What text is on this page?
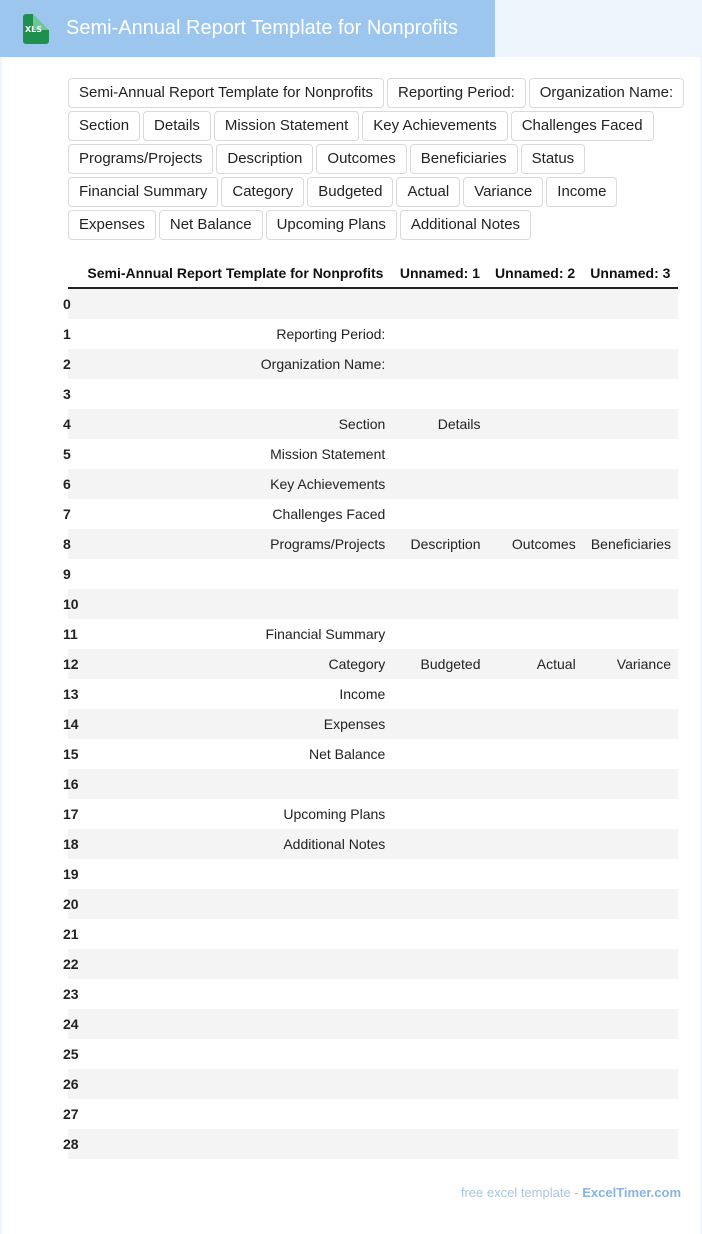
XLS Semi-Annual Report Template for Nonprofits
Semi-Annual Report Template for Nonprofits	Reporting Period:	Organization Name:
Section	Details	Mission Statement	Key Achievements	Challenges Faced
Programs/Projects	Description	Outcomes	Beneficiaries	Status
Financial Summary	Category	Budgeted	Actual	Variance	Income
Expenses	Net Balance	Upcoming Plans	Additional Notes
	Semi-Annual Report Template for Nonprofits	Unnamed: 1	Unnamed: 2	Unnamed: 3
0				
1	Reporting Period:			
2	Organization Name:			
3				
4	Section	Details		
5	Mission Statement			
6	Key Achievements			
7	Challenges Faced			
8	Programs/Projects	Description	Outcomes	Beneficiaries
9				
10				
11	Financial Summary			
12	Category	Budgeted	Actual	Variance
13	Income			
14	Expenses			
15	Net Balance			
16				
17	Upcoming Plans			
18	Additional Notes			
19				
20				
21				
22				
23				
24				
25				
26				
27				
28				
free excel template - ExcelTimer.com
